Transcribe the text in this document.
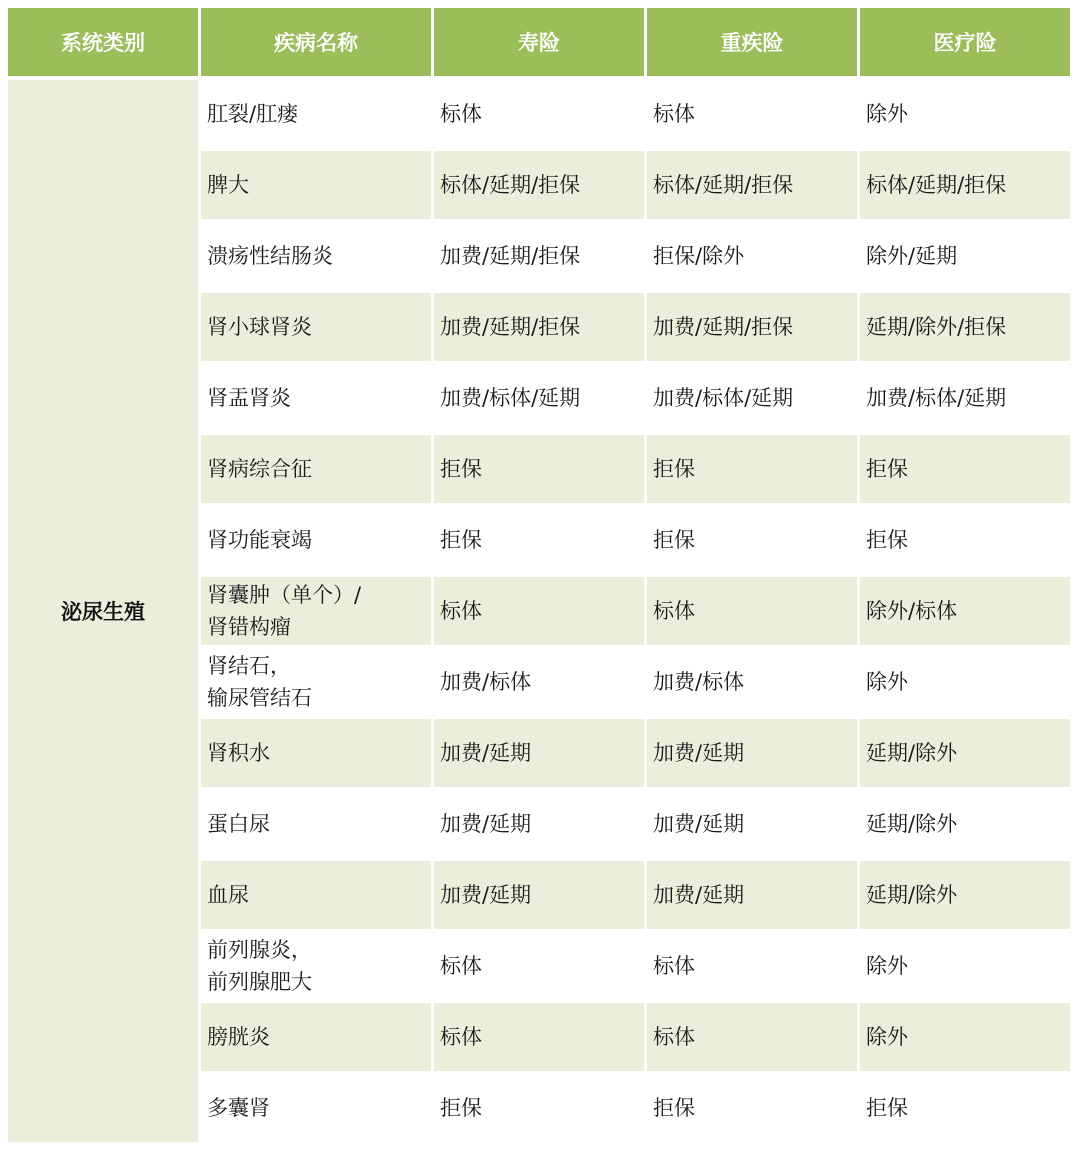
系统类别	疾病名称	寿险	重疾险	医疗险
泌尿生殖
肛裂/肛瘘	标体	标体	除外
脾大	标体/延期/拒保	标体/延期/拒保	标体/延期/拒保
溃疡性结肠炎	加费/延期/拒保	拒保/除外	除外/延期
肾小球肾炎	加费/延期/拒保	加费/延期/拒保	延期/除外/拒保
肾盂肾炎	加费/标体/延期	加费/标体/延期	加费/标体/延期
肾病综合征	拒保	拒保	拒保
肾功能衰竭	拒保	拒保	拒保
肾囊肿（单个）/
肾错构瘤
标体	标体	除外/标体
肾结石，
输尿管结石
加费/标体	加费/标体	除外
肾积水	加费/延期	加费/延期	延期/除外
蛋白尿	加费/延期	加费/延期	延期/除外
血尿	加费/延期	加费/延期	延期/除外
前列腺炎，
前列腺肥大
标体	标体	除外
膀胱炎	标体	标体	除外
多囊肾	拒保	拒保	拒保
